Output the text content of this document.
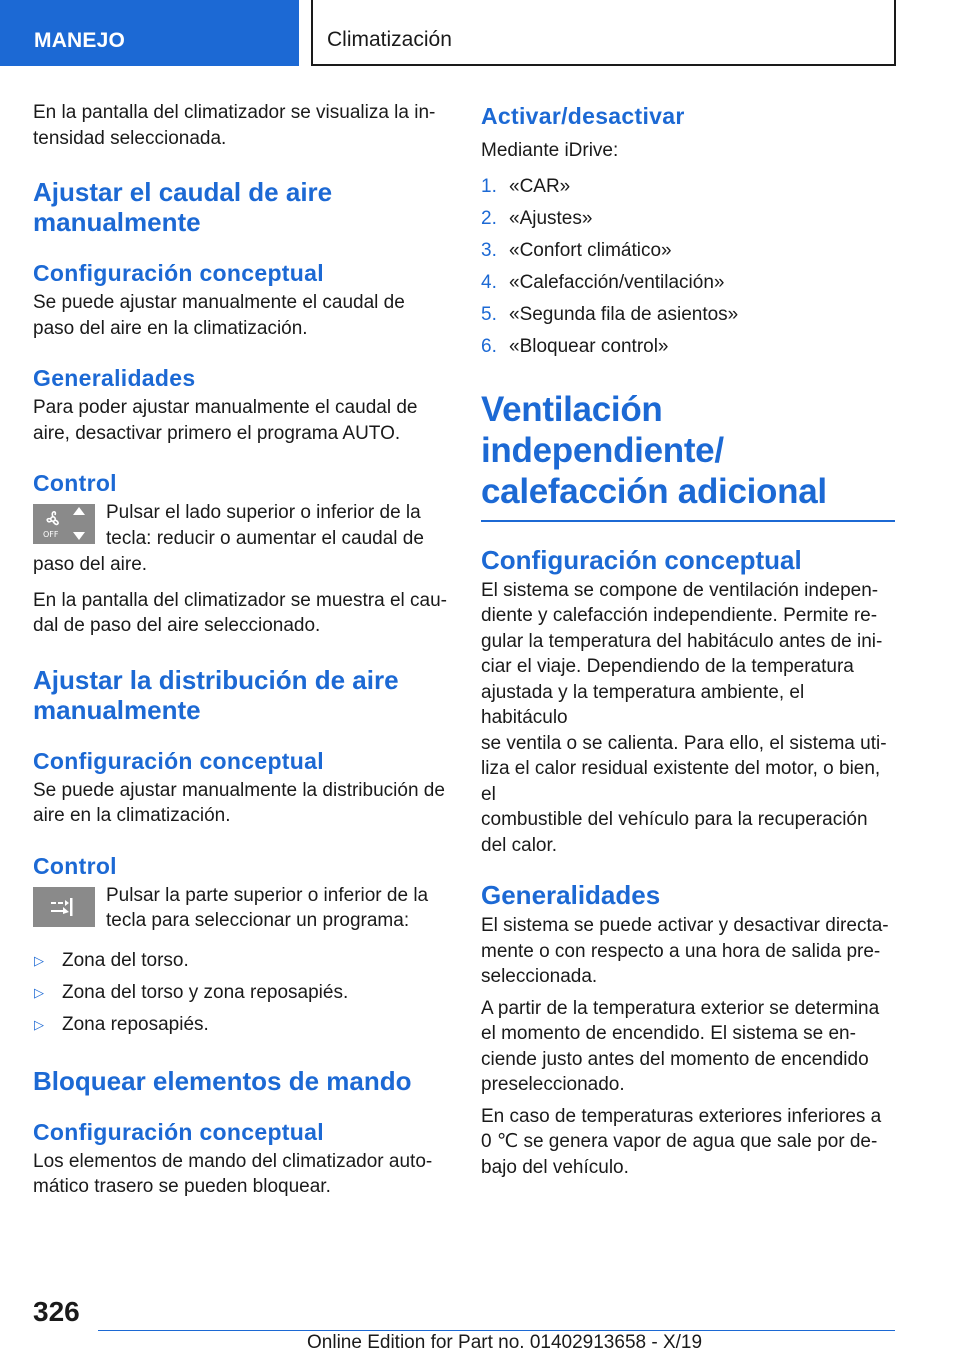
MANEJO	Climatización

En la pantalla del climatizador se visualiza la in-
tensidad seleccionada.

Ajustar el caudal de aire
manualmente
Configuración conceptual

Se puede ajustar manualmente el caudal de
paso del aire en la climatización.

Generalidades

Para poder ajustar manualmente el caudal de
aire, desactivar primero el programa AUTO.

Control
OFF

Pulsar el lado superior o inferior de la
tecla: reducir o aumentar el caudal de

paso del aire.

En la pantalla del climatizador se muestra el cau-
dal de paso del aire seleccionado.

Ajustar la distribución de aire
manualmente
Configuración conceptual

Se puede ajustar manualmente la distribución de
aire en la climatización.

Control

Pulsar la parte superior o inferior de la
tecla para seleccionar un programa:

▷ Zona del torso.
▷ Zona del torso y zona reposapiés.
▷ Zona reposapiés.
Bloquear elementos de mando
Configuración conceptual

Los elementos de mando del climatizador auto-
mático trasero se pueden bloquear.

Activar/desactivar

Mediante iDrive:

1. «CAR»
2. «Ajustes»
3. «Confort climático»
4. «Calefacción/ventilación»
5. «Segunda fila de asientos»
6. «Bloquear control»
Ventilación independiente/
calefacción adicional
Configuración conceptual

El sistema se compone de ventilación indepen-
diente y calefacción independiente. Permite re-
gular la temperatura del habitáculo antes de ini-
ciar el viaje. Dependiendo de la temperatura
ajustada y la temperatura ambiente, el habitáculo
se ventila o se calienta. Para ello, el sistema uti-
liza el calor residual existente del motor, o bien, el
combustible del vehículo para la recuperación
del calor.

Generalidades

El sistema se puede activar y desactivar directa-
mente o con respecto a una hora de salida pre-
seleccionada.

A partir de la temperatura exterior se determina
el momento de encendido. El sistema se en-
ciende justo antes del momento de encendido
preseleccionado.

En caso de temperaturas exteriores inferiores a
0 ℃ se genera vapor de agua que sale por de-
bajo del vehículo.

326
Online Edition for Part no. 01402913658 - X/19
